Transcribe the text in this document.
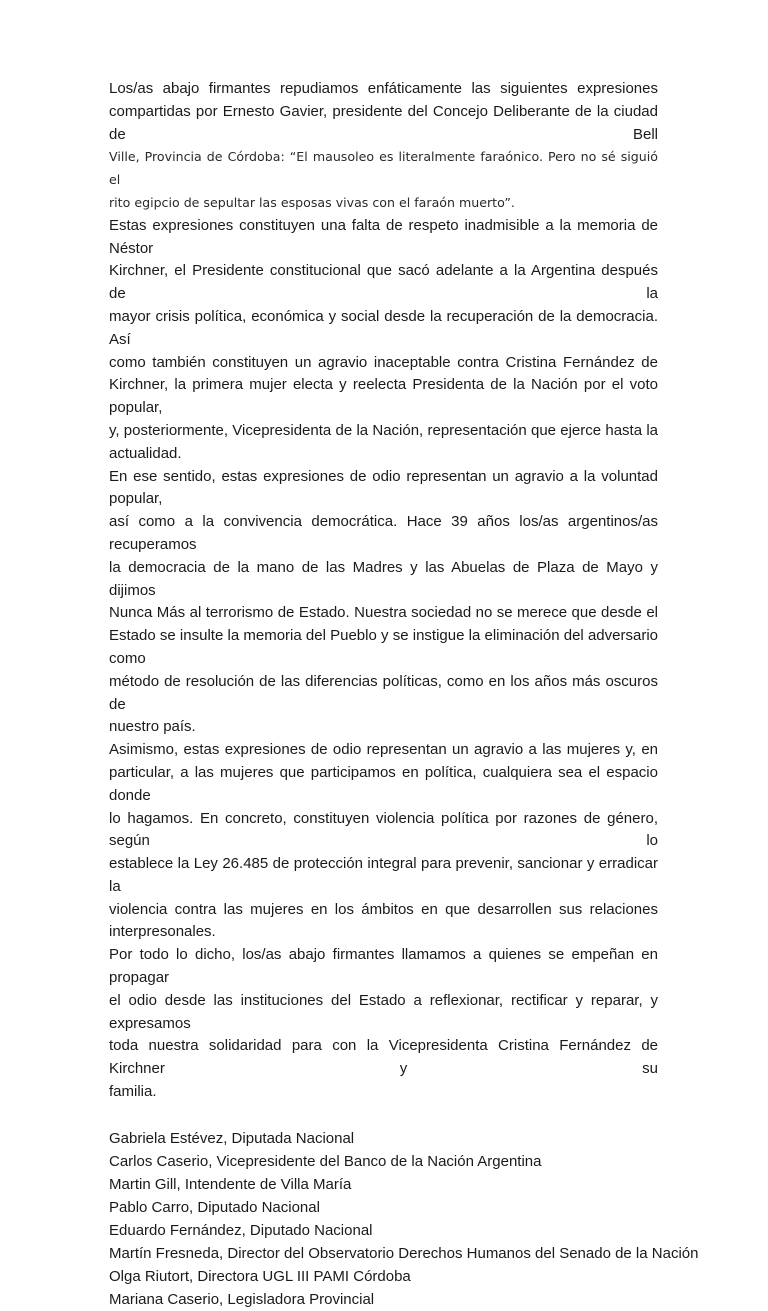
Los/as abajo firmantes repudiamos enfáticamente las siguientes expresiones
compartidas por Ernesto Gavier, presidente del Concejo Deliberante de la ciudad de Bell
Ville, Provincia de Córdoba: “El mausoleo es literalmente faraónico. Pero no sé siguió el
rito egipcio de sepultar las esposas vivas con el faraón muerto”.

Estas expresiones constituyen una falta de respeto inadmisible a la memoria de Néstor
Kirchner, el Presidente constitucional que sacó adelante a la Argentina después de la
mayor crisis política, económica y social desde la recuperación de la democracia. Así
como también constituyen un agravio inaceptable contra Cristina Fernández de
Kirchner, la primera mujer electa y reelecta Presidenta de la Nación por el voto popular,
y, posteriormente, Vicepresidenta de la Nación, representación que ejerce hasta la
actualidad.

En ese sentido, estas expresiones de odio representan un agravio a la voluntad popular,
así como a la convivencia democrática. Hace 39 años los/as argentinos/as recuperamos
la democracia de la mano de las Madres y las Abuelas de Plaza de Mayo y dijimos
Nunca Más al terrorismo de Estado. Nuestra sociedad no se merece que desde el
Estado se insulte la memoria del Pueblo y se instigue la eliminación del adversario como
método de resolución de las diferencias políticas, como en los años más oscuros de
nuestro país.

Asimismo, estas expresiones de odio representan un agravio a las mujeres y, en
particular, a las mujeres que participamos en política, cualquiera sea el espacio donde
lo hagamos. En concreto, constituyen violencia política por razones de género, según lo
establece la Ley 26.485 de protección integral para prevenir, sancionar y erradicar la
violencia contra las mujeres en los ámbitos en que desarrollen sus relaciones
interpresonales.

Por todo lo dicho, los/as abajo firmantes llamamos a quienes se empeñan en propagar
el odio desde las instituciones del Estado a reflexionar, rectificar y reparar, y expresamos
toda nuestra solidaridad para con la Vicepresidenta Cristina Fernández de Kirchner y su
familia.

Gabriela Estévez, Diputada Nacional

Carlos Caserio, Vicepresidente del Banco de la Nación Argentina

Martin Gill, Intendente de Villa María

Pablo Carro, Diputado Nacional

Eduardo Fernández, Diputado Nacional

Martín Fresneda, Director del Observatorio Derechos Humanos del Senado de la Nación

Olga Riutort, Directora UGL III PAMI Córdoba

Mariana Caserio, Legisladora Provincial
